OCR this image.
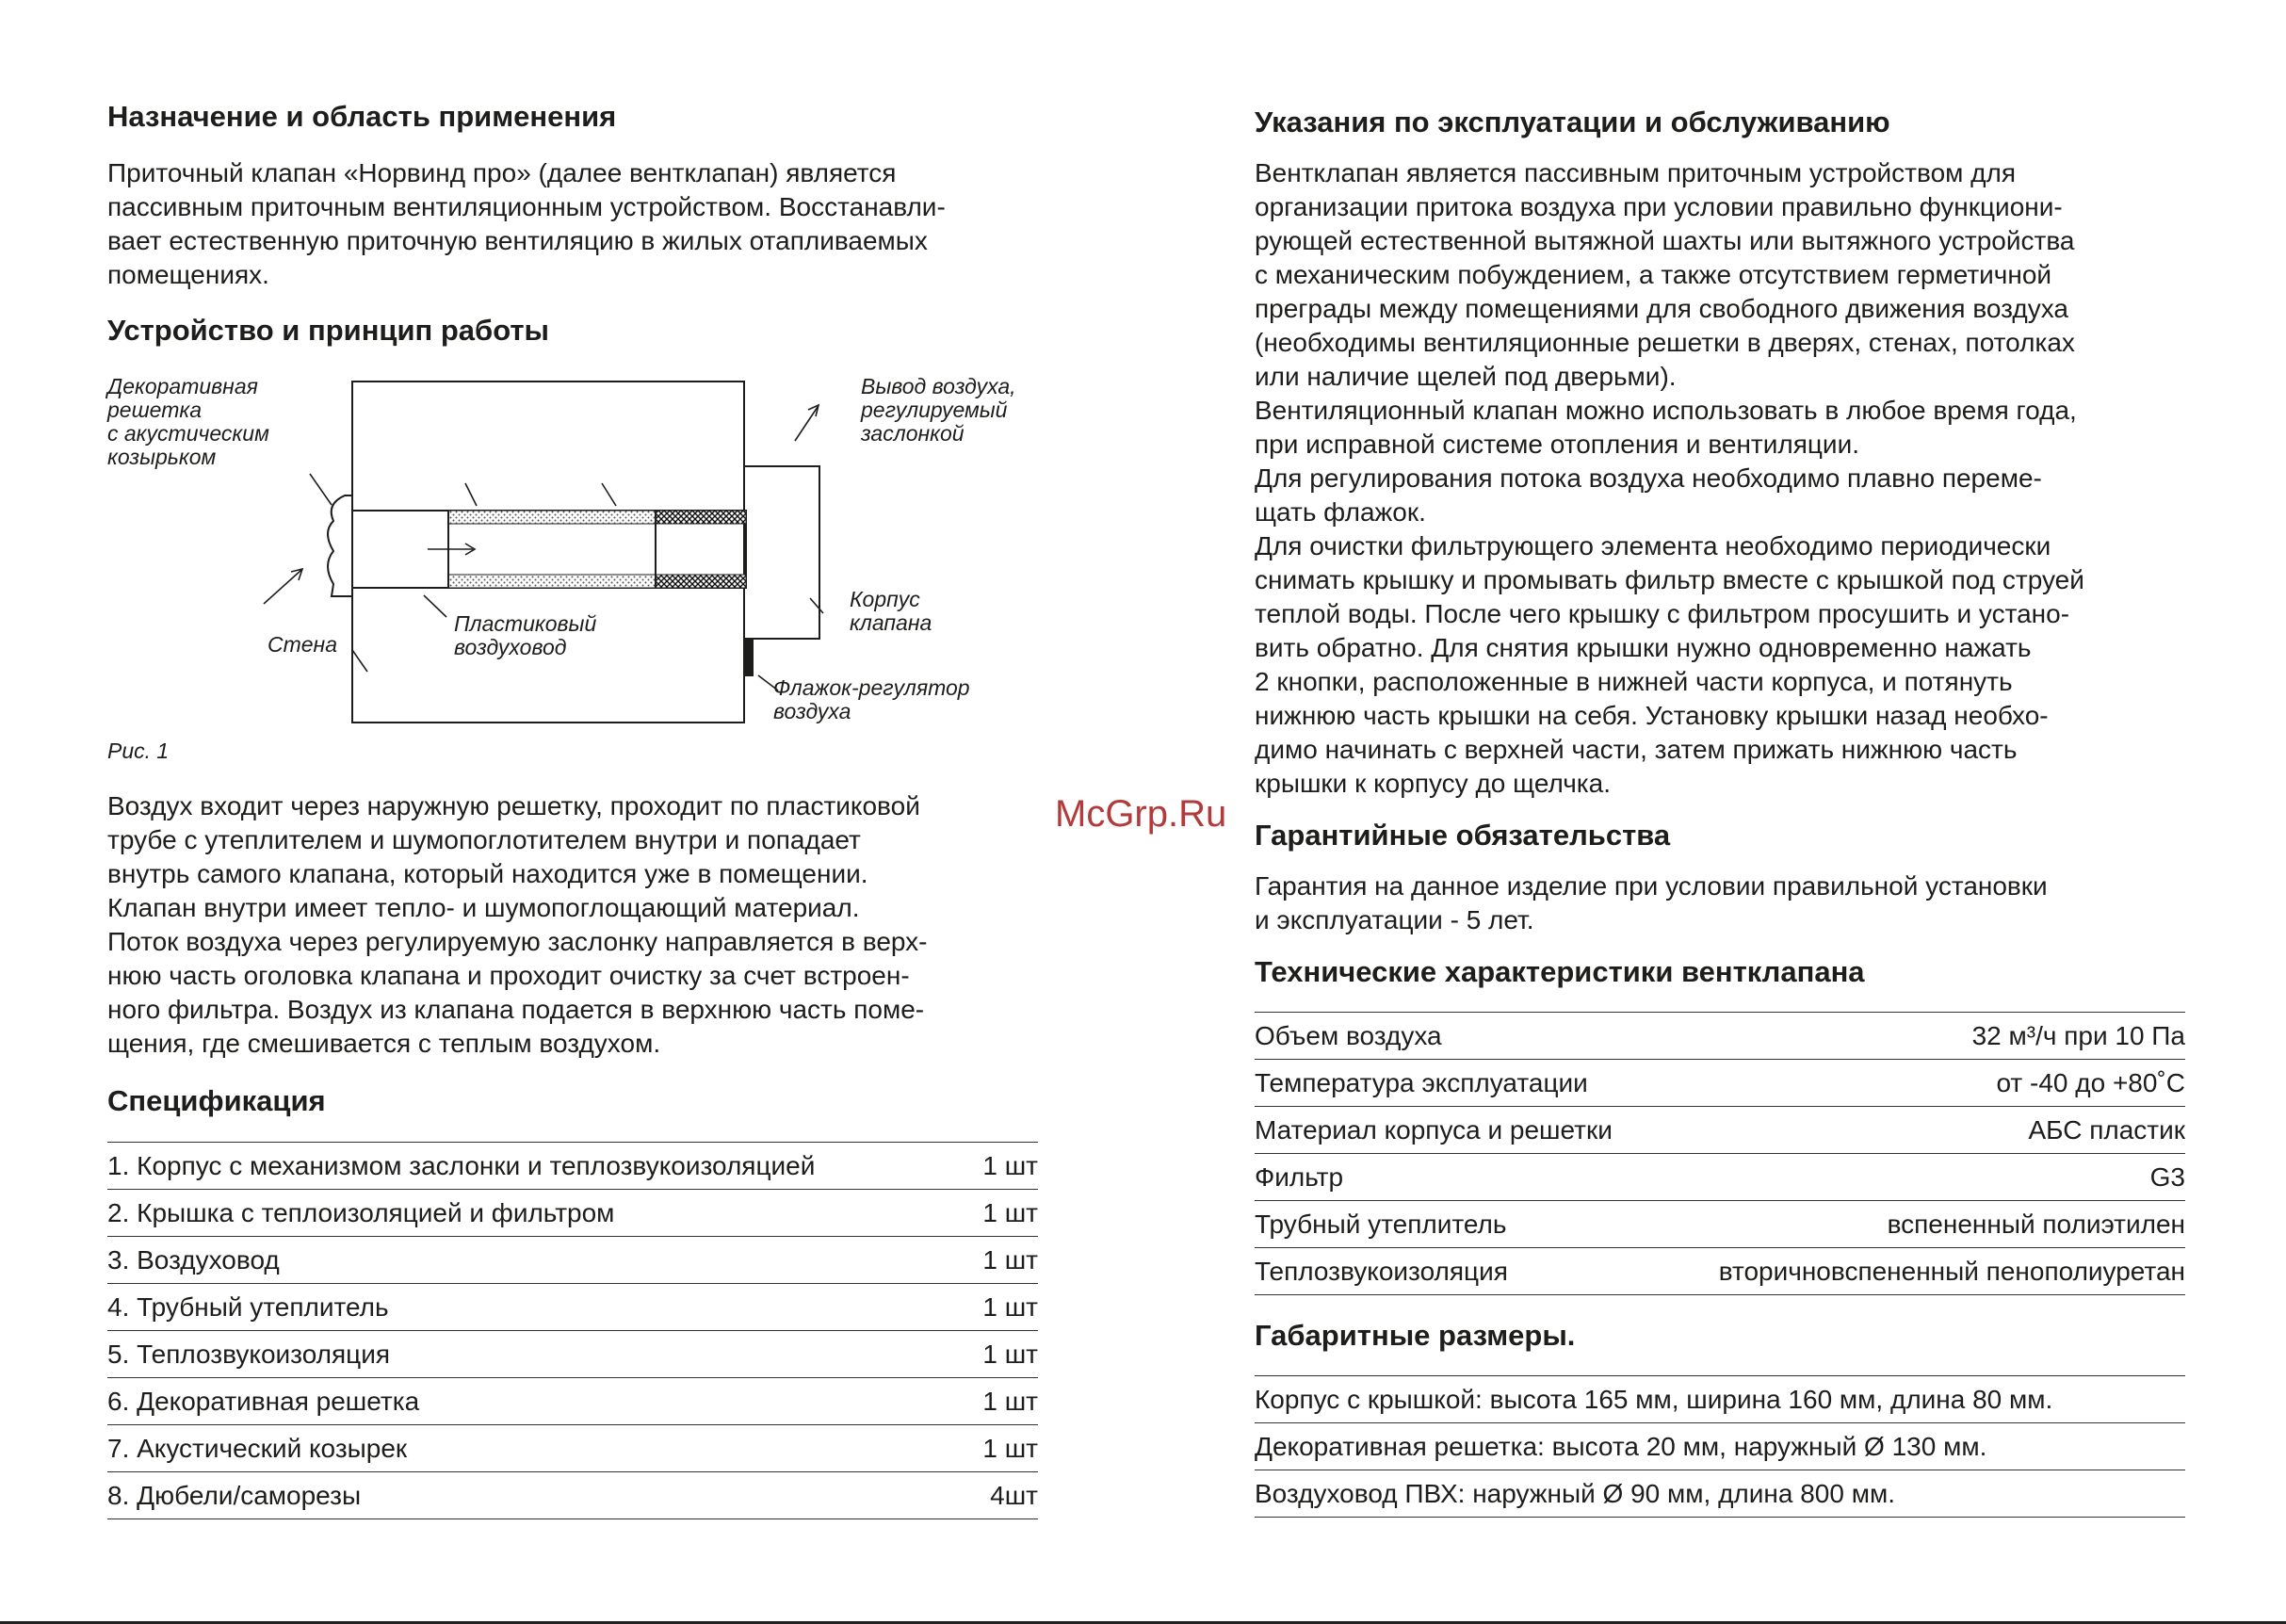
Назначение и область применения
Приточный клапан «Норвинд про» (далее вентклапан) является
пассивным приточным вентиляционным устройством. Восстанавли-
вает естественную приточную вентиляцию в жилых отапливаемых
помещениях.
Устройство и принцип работы
Декоративная
решетка
с акустическим
козырьком
Вывод воздуха,
регулируемый
заслонкой
Стена
Пластиковый
воздуховод
Корпус
клапана
Флажок-регулятор
воздуха
Рис. 1
Воздух входит через наружную решетку, проходит по пластиковой
трубе с утеплителем и шумопоглотителем внутри и попадает
внутрь самого клапана, который находится уже в помещении.
Клапан внутри имеет тепло- и шумопоглощающий материал.
Поток воздуха через регулируемую заслонку направляется в верх-
нюю часть оголовка клапана и проходит очистку за счет встроен-
ного фильтра. Воздух из клапана подается в верхнюю часть поме-
щения, где смешивается с теплым воздухом.
Спецификация
1. Корпус с механизмом заслонки и теплозвукоизоляцией	1 шт
2. Крышка с теплоизоляцией и фильтром	1 шт
3. Воздуховод	1 шт
4. Трубный утеплитель	1 шт
5. Теплозвукоизоляция	1 шт
6. Декоративная решетка	1 шт
7. Акустический козырек	1 шт
8. Дюбели/саморезы	4шт
McGrp.Ru
Указания по эксплуатации и обслуживанию
Вентклапан является пассивным приточным устройством для
организации притока воздуха при условии правильно функциони-
рующей естественной вытяжной шахты или вытяжного устройства
с механическим побуждением, а также отсутствием герметичной
преграды между помещениями для свободного движения воздуха
(необходимы вентиляционные решетки в дверях, стенах, потолках
или наличие щелей под дверьми).
Вентиляционный клапан можно использовать в любое время года,
при исправной системе отопления и вентиляции.
Для регулирования потока воздуха необходимо плавно переме-
щать флажок.
Для очистки фильтрующего элемента необходимо периодически
снимать крышку и промывать фильтр вместе с крышкой под струей
теплой воды. После чего крышку с фильтром просушить и устано-
вить обратно. Для снятия крышки нужно одновременно нажать
2 кнопки, расположенные в нижней части корпуса, и потянуть
нижнюю часть крышки на себя. Установку крышки назад необхо-
димо начинать с верхней части, затем прижать нижнюю часть
крышки к корпусу до щелчка.
Гарантийные обязательства
Гарантия на данное изделие при условии правильной установки
и эксплуатации - 5 лет.
Технические характеристики вентклапана
Объем воздуха	32 м³/ч при 10 Па
Температура эксплуатации	от -40 до +80˚С
Материал корпуса и решетки	АБС пластик
Фильтр	G3
Трубный утеплитель	вспененный полиэтилен
Теплозвукоизоляция	вторичновспененный пенополиуретан
Габаритные размеры.
Корпус с крышкой: высота 165 мм, ширина 160 мм, длина 80 мм.
Декоративная решетка: высота 20 мм, наружный Ø 130 мм.
Воздуховод ПВХ: наружный Ø 90 мм, длина 800 мм.
